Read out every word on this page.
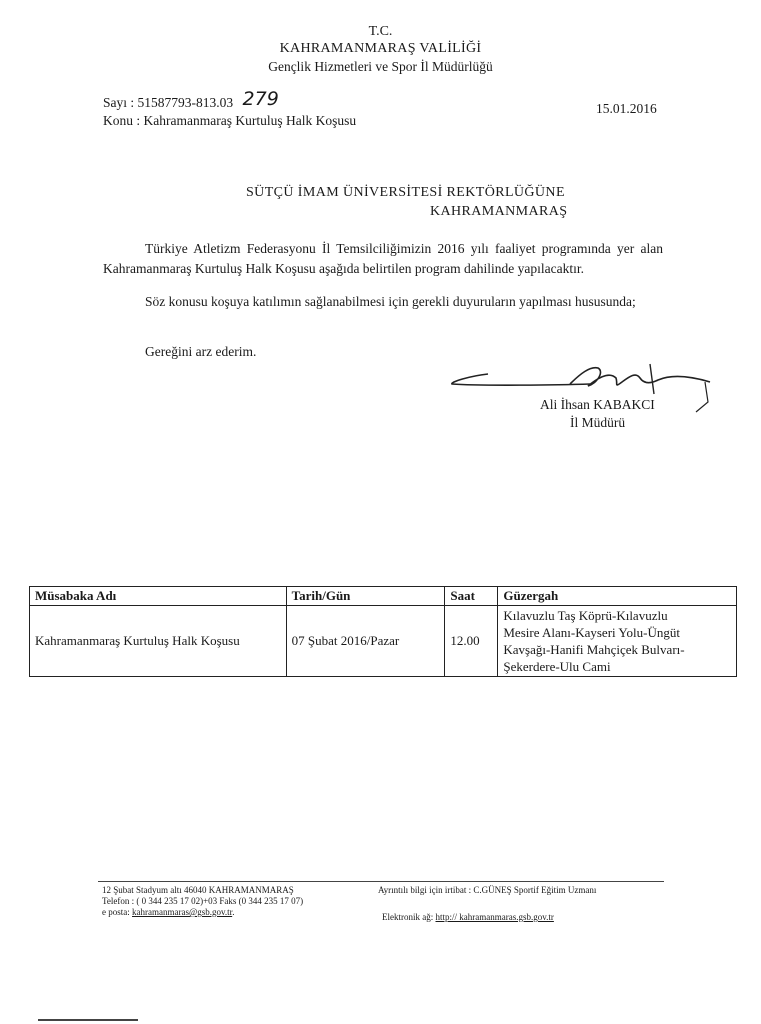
T.C.
KAHRAMANMARAŞ VALİLİĞİ
Gençlik Hizmetleri ve Spor İl Müdürlüğü
Sayı : 51587793-813.03 279
Konu : Kahramanmaraş Kurtuluş Halk Koşusu
15.01.2016
SÜTÇÜ İMAM ÜNİVERSİTESİ REKTÖRLÜĞÜNE
KAHRAMANMARAŞ
Türkiye Atletizm Federasyonu İl Temsilciliğimizin 2016 yılı faaliyet programında yer alan Kahramanmaraş Kurtuluş Halk Koşusu aşağıda belirtilen program dahilinde yapılacaktır.
Söz konusu koşuya katılımın sağlanabilmesi için gerekli duyuruların yapılması hususunda;
Gereğini arz ederim.
Ali İhsan KABAKCI
İl Müdürü
Müsabaka Adı	Tarih/Gün	Saat	Güzergah
Kahramanmaraş Kurtuluş Halk Koşusu	07 Şubat 2016/Pazar	12.00	Kılavuzlu Taş Köprü-Kılavuzlu
Mesire Alanı-Kayseri Yolu-Üngüt
Kavşağı-Hanifi Mahçiçek Bulvarı-
Şekerdere-Ulu Cami
12 Şubat Stadyum altı 46040 KAHRAMANMARAŞ
Telefon : ( 0 344 235 17 02)+03 Faks (0 344 235 17 07)
e posta: kahramanmaras@gsb.gov.tr.
Ayrıntılı bilgi için irtibat : C.GÜNEŞ Sportif Eğitim Uzmanı
Elektronik ağ: http:// kahramanmaras.gsb.gov.tr
